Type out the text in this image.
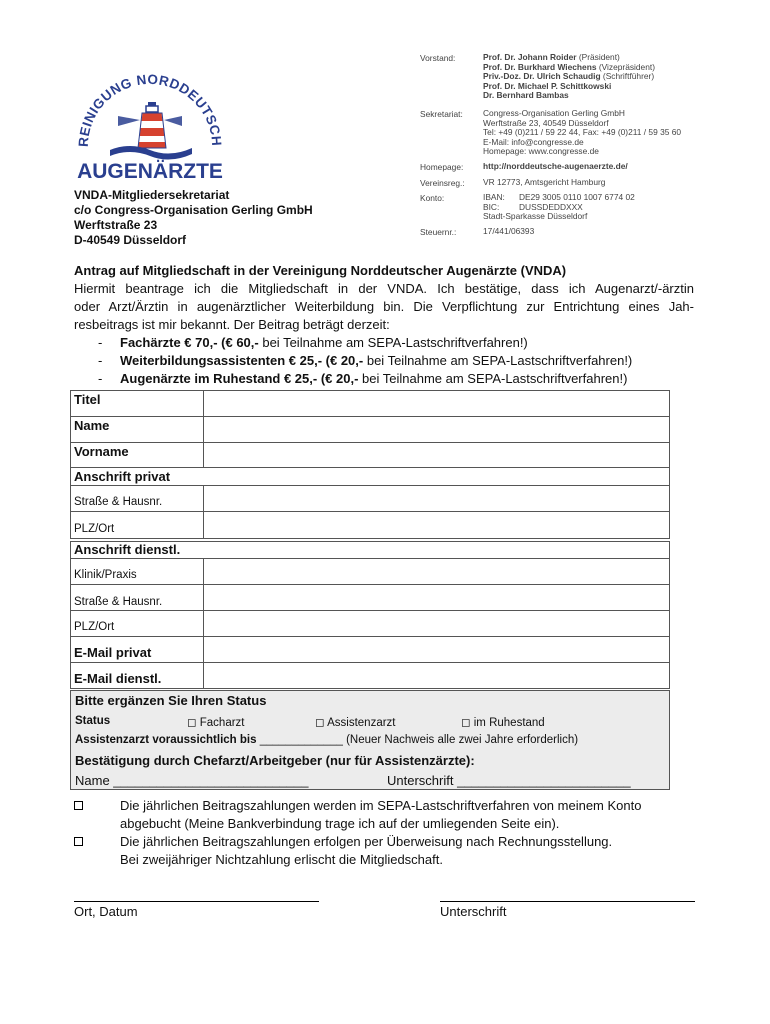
REINIGUNG NORDDEUTSCH
AUGENÄRZTE
VNDA-Mitgliedersekretariat
c/o Congress-Organisation Gerling GmbH
Werftstraße 23
D-40549 Düsseldorf
Vorstand:	Prof. Dr. Johann Roider (Präsident)
Prof. Dr. Burkhard Wiechens (Vizepräsident)
Priv.-Doz. Dr. Ulrich Schaudig (Schriftführer)
Prof. Dr. Michael P. Schittkowski
Dr. Bernhard Bambas
Sekretariat:	Congress-Organisation Gerling GmbH
Werftstraße 23, 40549 Düsseldorf
Tel: +49 (0)211 / 59 22 44, Fax: +49 (0)211 / 59 35 60
E-Mail: info@congresse.de
Homepage: www.congresse.de
Homepage:	http://norddeutsche-augenaerzte.de/
Vereinsreg.:	VR 12773, Amtsgericht Hamburg
Konto:	IBAN: DE29 3005 0110 1007 6774 02
BIC: DUSSDEDDXXX
Stadt-Sparkasse Düsseldorf
Steuernr.:	17/441/06393
Antrag auf Mitgliedschaft in der Vereinigung Norddeutscher Augenärzte (VNDA)
Hiermit beantrage ich die Mitgliedschaft in der VNDA. Ich bestätige, dass ich Augenarzt/-ärztin
oder Arzt/Ärztin in augenärztlicher Weiterbildung bin. Die Verpflichtung zur Entrichtung eines Jah-
resbeitrags ist mir bekannt. Der Beitrag beträgt derzeit:
- Fachärzte € 70,- (€ 60,- bei Teilnahme am SEPA-Lastschriftverfahren!)
- Weiterbildungsassistenten € 25,- (€ 20,- bei Teilnahme am SEPA-Lastschriftverfahren!)
- Augenärzte im Ruhestand € 25,- (€ 20,- bei Teilnahme am SEPA-Lastschriftverfahren!)
Titel
Name
Vorname
Anschrift privat
Straße & Hausnr.
PLZ/Ort
Anschrift dienstl.
Klinik/Praxis
Straße & Hausnr.
PLZ/Ort
E-Mail privat
E-Mail dienstl.
Bitte ergänzen Sie Ihren Status
Status	◻ Facharzt	◻ Assistenzarzt	◻ im Ruhestand
Assistenzarzt voraussichtlich bis _____________ (Neuer Nachweis alle zwei Jahre erforderlich)
Bestätigung durch Chefarzt/Arbeitgeber (nur für Assistenzärzte):
Name ___________________________	Unterschrift ________________________
Die jährlichen Beitragszahlungen werden im SEPA-Lastschriftverfahren von meinem Konto
abgebucht (Meine Bankverbindung trage ich auf der umliegenden Seite ein).
Die jährlichen Beitragszahlungen erfolgen per Überweisung nach Rechnungsstellung.
Bei zweijähriger Nichtzahlung erlischt die Mitgliedschaft.
Ort, Datum	Unterschrift
